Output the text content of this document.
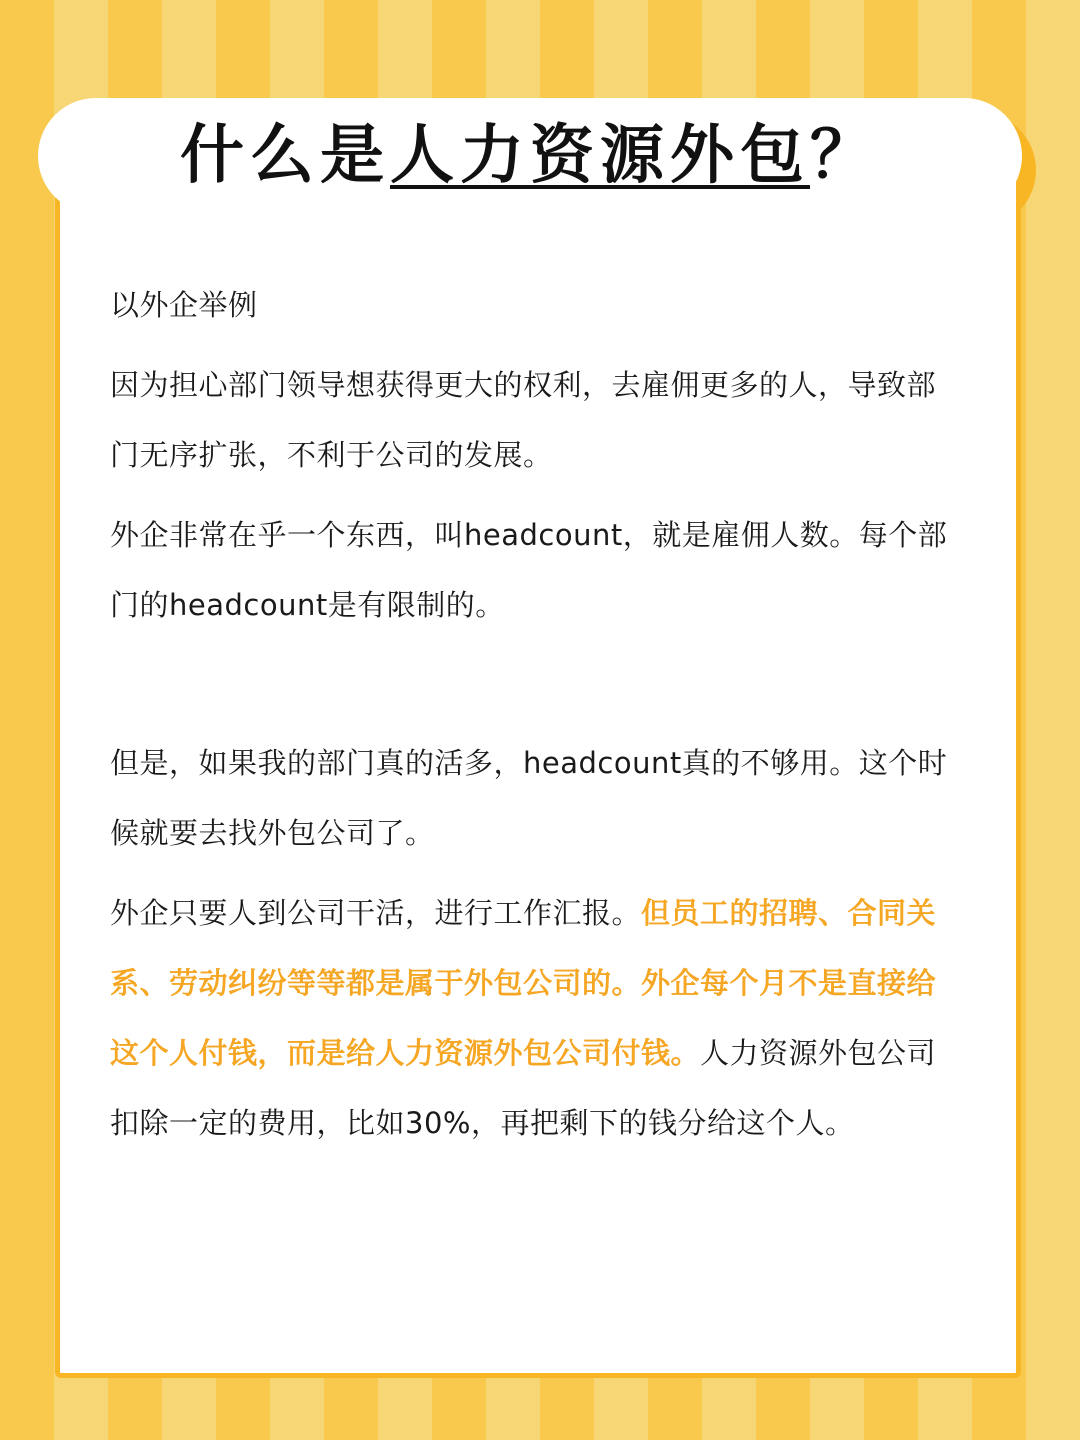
什么是人力资源外包？

以外企举例

因为担心部门领导想获得更大的权利，去雇佣更多的人，导致部门无序扩张，不利于公司的发展。

外企非常在乎一个东西，叫headcount，就是雇佣人数。每个部门的headcount是有限制的。

但是，如果我的部门真的活多，headcount真的不够用。这个时候就要去找外包公司了。

外企只要人到公司干活，进行工作汇报。但员工的招聘、合同关系、劳动纠纷等等都是属于外包公司的。外企每个月不是直接给这个人付钱，而是给人力资源外包公司付钱。人力资源外包公司扣除一定的费用，比如30%，再把剩下的钱分给这个人。
